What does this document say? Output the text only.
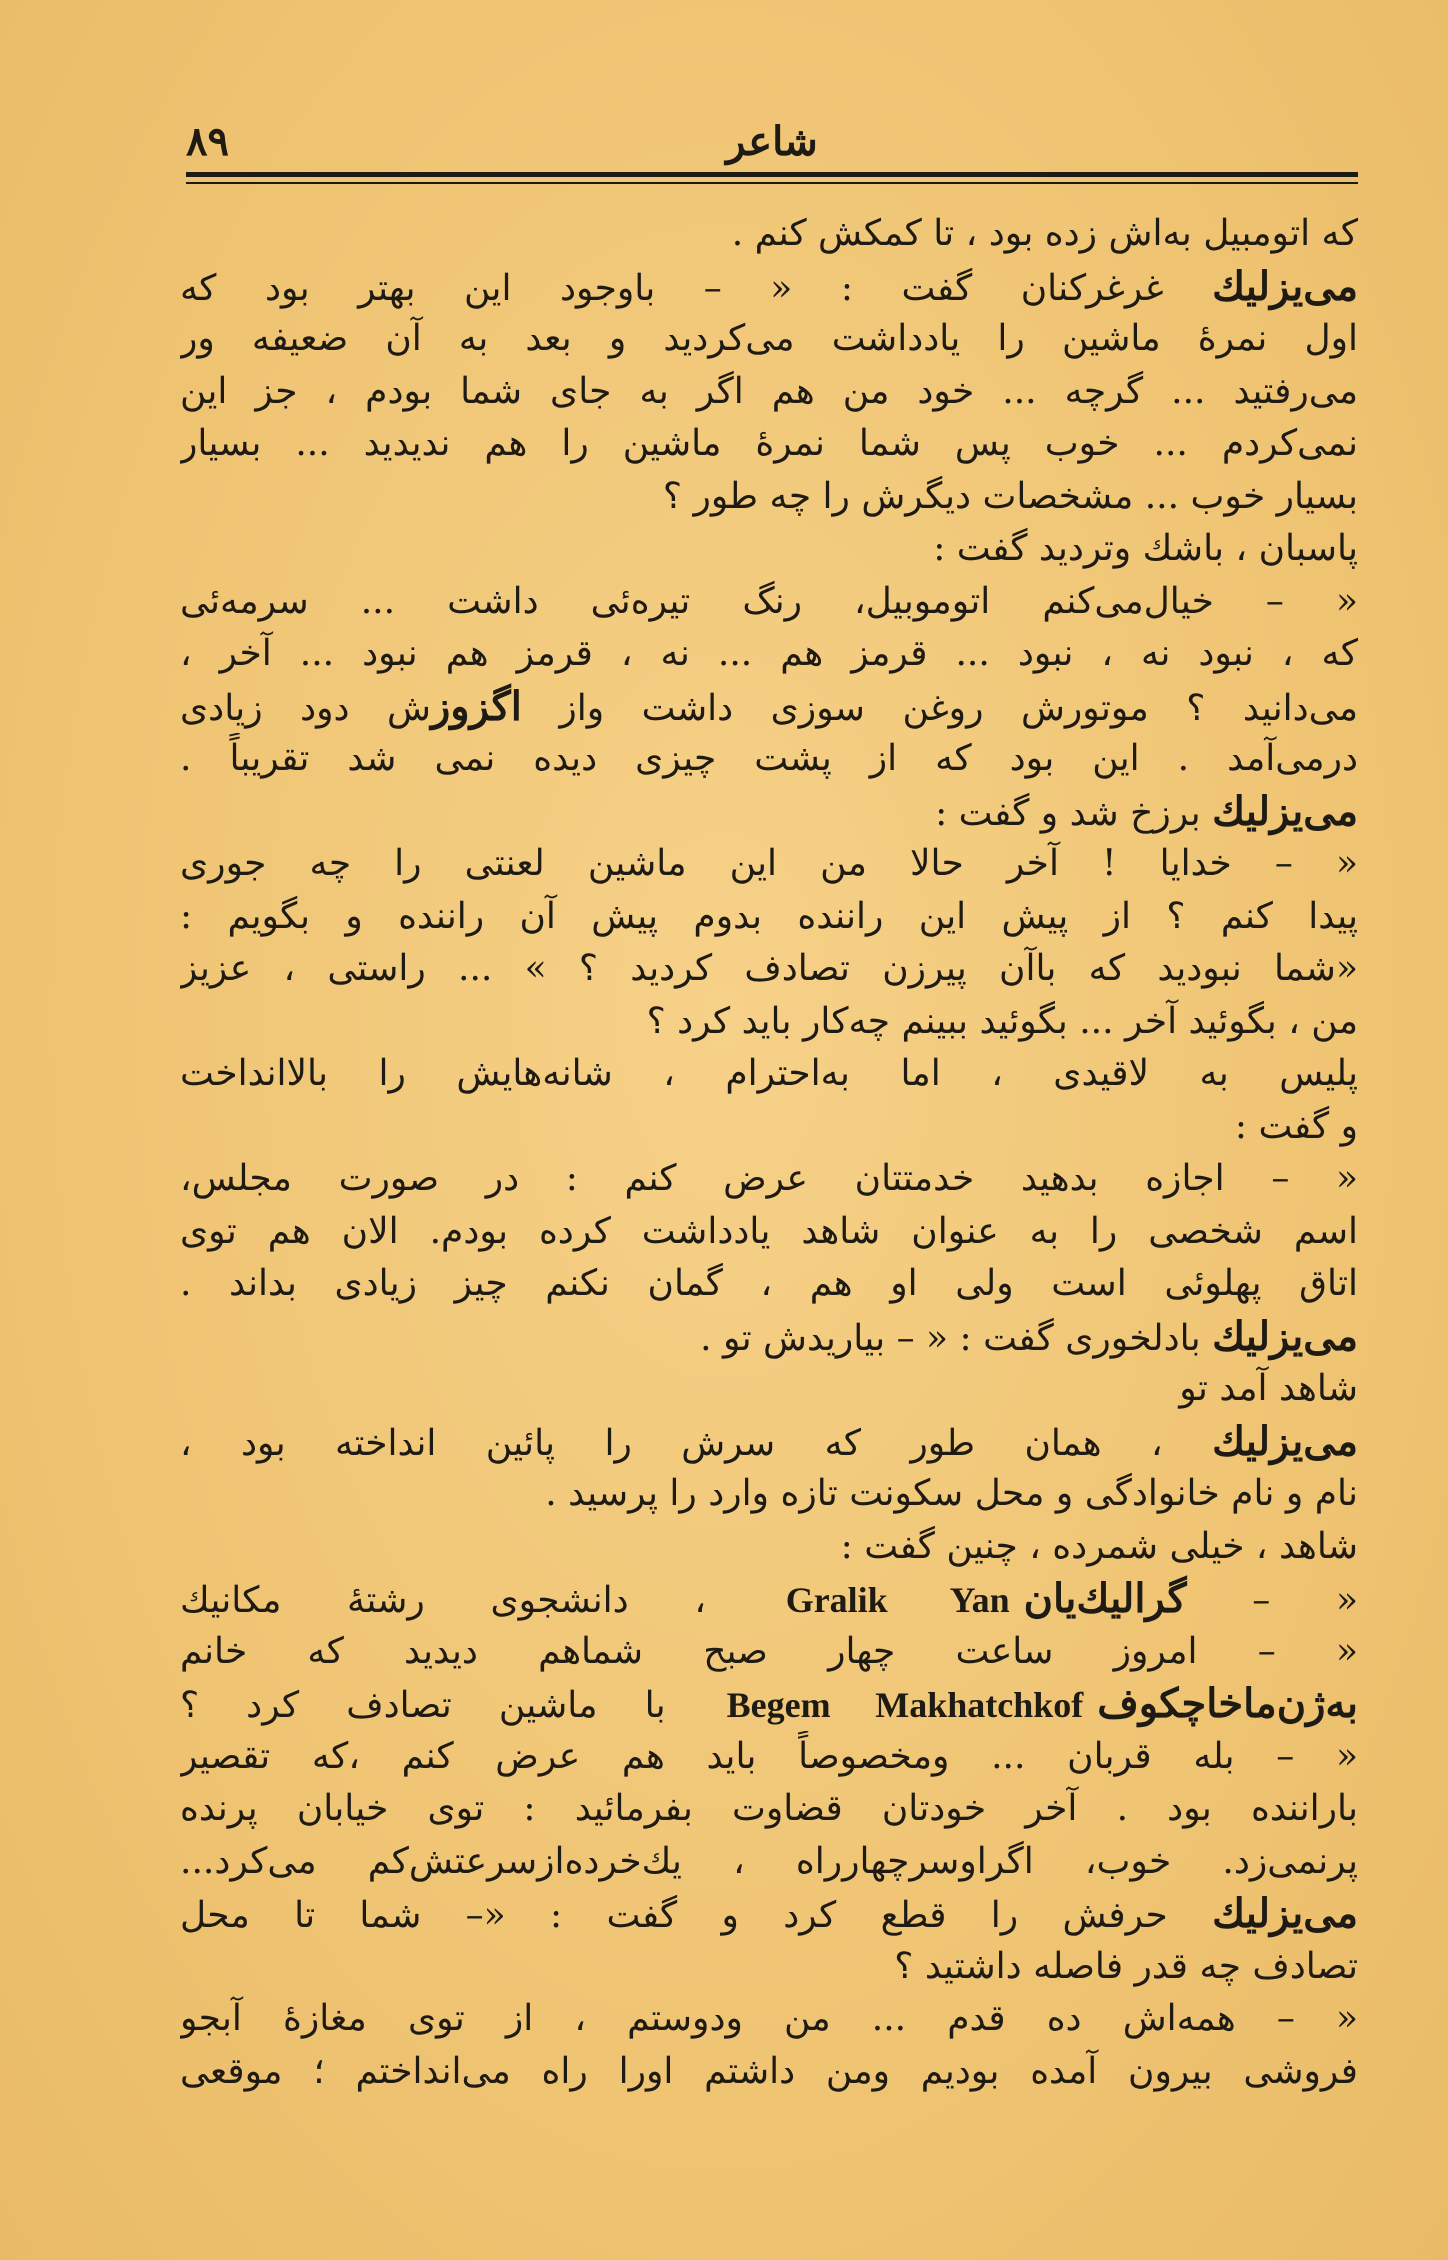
۸۹	شاعر
که اتومبیل به‌اش زده بود ، تا کمکش کنم .
می‌یزلیك غرغرکنان گفت : « – باوجود این بهتر بود که
اول نمرهٔ ماشین را یادداشت می‌کردید و بعد به آن ضعیفه ور
می‌رفتید ... گرچه ... خود من هم اگر به جای شما بودم ، جز این
نمی‌کردم ... خوب پس شما نمرهٔ ماشین را هم ندیدید ... بسیار
بسیار خوب ... مشخصات دیگرش را چه طور ؟
پاسبان ، باشك وتردید گفت :
« – خیال‌می‌کنم اتوموبیل، رنگ تیره‌ئی داشت ... سرمه‌ئی
که ، نبود نه ، نبود ... قرمز هم ... نه ، قرمز هم نبود ... آخر ،
می‌دانید ؟ موتورش روغن سوزی داشت واز اگزوزش دود زیادی
درمی‌آمد . این بود که از پشت چیزی دیده نمی شد تقریباً .
می‌یزلیك برزخ شد و گفت :
« – خدایا ! آخر حالا من این ماشین لعنتی را چه جوری
پیدا کنم ؟ از پیش این راننده بدوم پیش آن راننده و بگویم :
«شما نبودید که باآن پیرزن تصادف کردید ؟ » ... راستی ، عزیز
من ، بگوئید آخر ... بگوئید ببینم چه‌کار باید کرد ؟
پلیس به لاقیدی ، اما به‌احترام ، شانه‌هایش را بالاانداخت
و گفت :
« – اجازه بدهید خدمتتان عرض کنم : در صورت مجلس،
اسم شخصی را به عنوان شاهد یادداشت کرده بودم. الان هم توی
اتاق پهلوئی است ولی او هم ، گمان نکنم چیز زیادی بداند .
می‌یزلیك بادلخوری گفت : « – بیاریدش تو .
شاهد آمد تو
می‌یزلیك ، همان طور که سرش را پائین انداخته بود ،
نام و نام خانوادگی و محل سکونت تازه وارد را پرسید .
شاهد ، خیلی شمرده ، چنین گفت :
« – گرالیك‌یانGralik Yan ، دانشجوی رشتهٔ مکانیك
« – امروز ساعت چهار صبح شماهم دیدید که خانم
به‌ژن‌ماخاچکوفBegem Makhatchkof با ماشین تصادف کرد ؟
« – بله قربان ... ومخصوصاً باید هم عرض کنم ،که تقصیر
باراننده بود . آخر خودتان قضاوت بفرمائید : توی خیابان پرنده
پرنمی‌زد. خوب، اگراوسرچهارراه ، یك‌خرده‌ازسرعتش‌کم می‌کرد...
می‌یزلیك حرفش را قطع کرد و گفت : «– شما تا محل
تصادف چه قدر فاصله داشتید ؟
« – همه‌اش ده قدم ... من ودوستم ، از توی مغازهٔ آبجو
فروشی بیرون آمده بودیم ومن داشتم اورا راه می‌انداختم ؛ موقعی
